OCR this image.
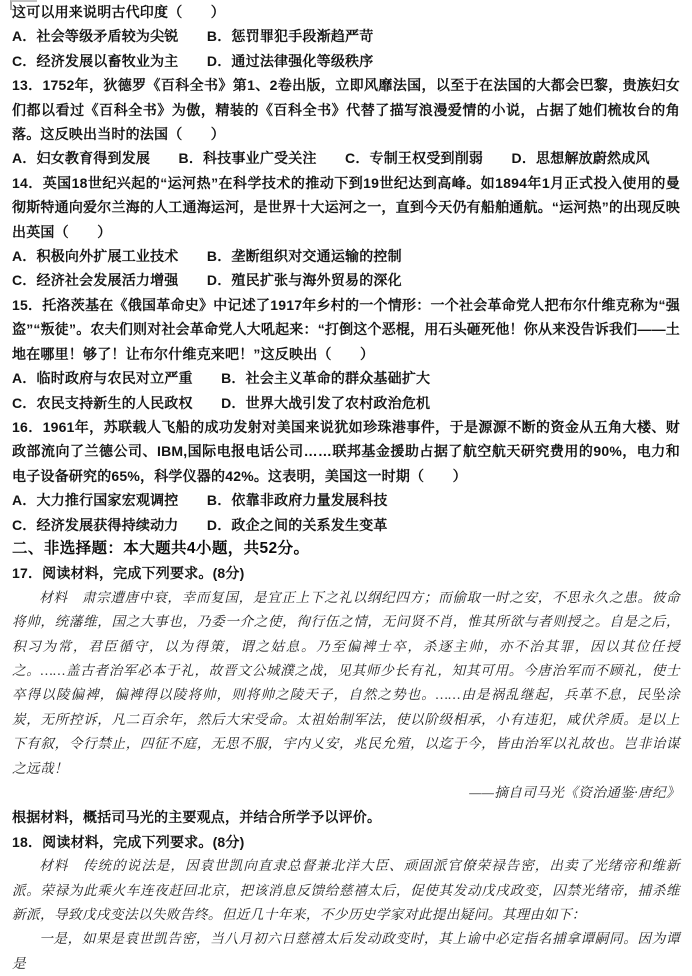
这可以用来说明古代印度（　　）

A．社会等级矛盾较为尖锐　　B．惩罚罪犯手段渐趋严苛

C．经济发展以畜牧业为主　　D．通过法律强化等级秩序

13．1752年，狄德罗《百科全书》第1、2卷出版，立即风靡法国，以至于在法国的大都会巴黎，贵族妇女们都以看过《百科全书》为傲，精装的《百科全书》代替了描写浪漫爱情的小说，占据了她们梳妆台的角落。这反映出当时的法国（　　）

A．妇女教育得到发展　　B．科技事业广受关注　　C．专制王权受到削弱　　D．思想解放蔚然成风

14．英国18世纪兴起的“运河热”在科学技术的推动下到19世纪达到高峰。如1894年1月正式投入使用的曼彻斯特通向爱尔兰海的人工通海运河，是世界十大运河之一，直到今天仍有船舶通航。“运河热”的出现反映出英国（　　）

A．积极向外扩展工业技术　　B．垄断组织对交通运输的控制

C．经济社会发展活力增强　　D．殖民扩张与海外贸易的深化

15．托洛茨基在《俄国革命史》中记述了1917年乡村的一个情形：一个社会革命党人把布尔什维克称为“强盗”“叛徒”。农夫们则对社会革命党人大吼起来：“打倒这个恶棍，用石头砸死他！你从来没告诉我们——土地在哪里！够了！让布尔什维克来吧！”这反映出（　　）

A．临时政府与农民对立严重　　B．社会主义革命的群众基础扩大

C．农民支持新生的人民政权　　D．世界大战引发了农村政治危机

16．1961年，苏联载人飞船的成功发射对美国来说犹如珍珠港事件，于是源源不断的资金从五角大楼、财政部流向了兰德公司、IBM,国际电报电话公司……联邦基金援助占据了航空航天研究费用的90%，电力和电子设备研究的65%，科学仪器的42%。这表明，美国这一时期（　　）

A．大力推行国家宏观调控　　B．依靠非政府力量发展科技

C．经济发展获得持续动力　　D．政企之间的关系发生变革

二、非选择题：本大题共4小题，共52分。

17．阅读材料，完成下列要求。(8分)

材料　肃宗遭唐中衰，幸而复国，是宜正上下之礼以纲纪四方；而偷取一时之安，不思永久之患。彼命将帅，统藩维，国之大事也，乃委一介之使，徇行伍之情，无问贤不肖，惟其所欲与者则授之。自是之后，积习为常，君臣循守，以为得策，谓之姑息。乃至偏裨士卒，杀逐主帅，亦不治其罪，因以其位任授之。……盖古者治军必本于礼，故晋文公城濮之战，见其师少长有礼，知其可用。今唐治军而不顾礼，使士卒得以陵偏裨，偏裨得以陵将帅，则将帅之陵天子，自然之势也。……由是祸乱继起，兵革不息，民坠涂炭，无所控诉，凡二百余年，然后大宋受命。太祖始制军法，使以阶级相承，小有违犯，咸伏斧质。是以上下有叙，令行禁止，四征不庭，无思不服，宇内乂安，兆民允殖，以迄于今，皆由治军以礼故也。岂非诒谋之远哉！

——摘自司马光《资治通鉴·唐纪》

根据材料，概括司马光的主要观点，并结合所学予以评价。

18．阅读材料，完成下列要求。(8分)

材料　传统的说法是，因袁世凯向直隶总督兼北洋大臣、顽固派官僚荣禄告密，出卖了光绪帝和维新派。荣禄为此乘火车连夜赶回北京，把该消息反馈给慈禧太后，促使其发动戊戌政变，囚禁光绪帝，捕杀维新派，导致戊戌变法以失败告终。但近几十年来，不少历史学家对此提出疑问。其理由如下：

一是，如果是袁世凯告密，当八月初六日慈禧太后发动政变时，其上谕中必定指名捕拿谭嗣同。因为谭是
